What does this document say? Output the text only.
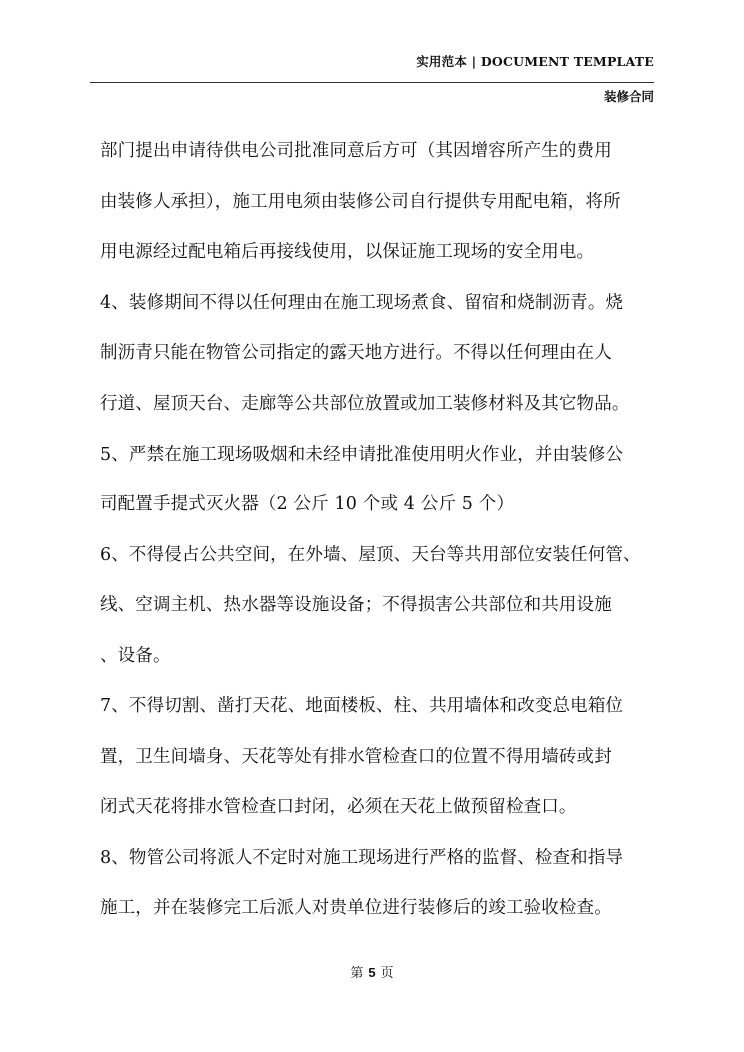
实用范本 | DOCUMENT TEMPLATE
装修合同
部门提出申请待供电公司批准同意后方可（其因增容所产生的费用
由装修人承担），施工用电须由装修公司自行提供专用配电箱，将所
用电源经过配电箱后再接线使用，以保证施工现场的安全用电。
4、装修期间不得以任何理由在施工现场煮食、留宿和烧制沥青。烧
制沥青只能在物管公司指定的露天地方进行。不得以任何理由在人
行道、屋顶天台、走廊等公共部位放置或加工装修材料及其它物品。
5、严禁在施工现场吸烟和未经申请批准使用明火作业，并由装修公
司配置手提式灭火器（2 公斤 10 个或 4 公斤 5 个）
6、不得侵占公共空间，在外墙、屋顶、天台等共用部位安装任何管、
线、空调主机、热水器等设施设备；不得损害公共部位和共用设施
、设备。
7、不得切割、凿打天花、地面楼板、柱、共用墙体和改变总电箱位
置，卫生间墙身、天花等处有排水管检查口的位置不得用墙砖或封
闭式天花将排水管检查口封闭，必须在天花上做预留检查口。
8、物管公司将派人不定时对施工现场进行严格的监督、检查和指导
施工，并在装修完工后派人对贵单位进行装修后的竣工验收检查。
第 5 页
